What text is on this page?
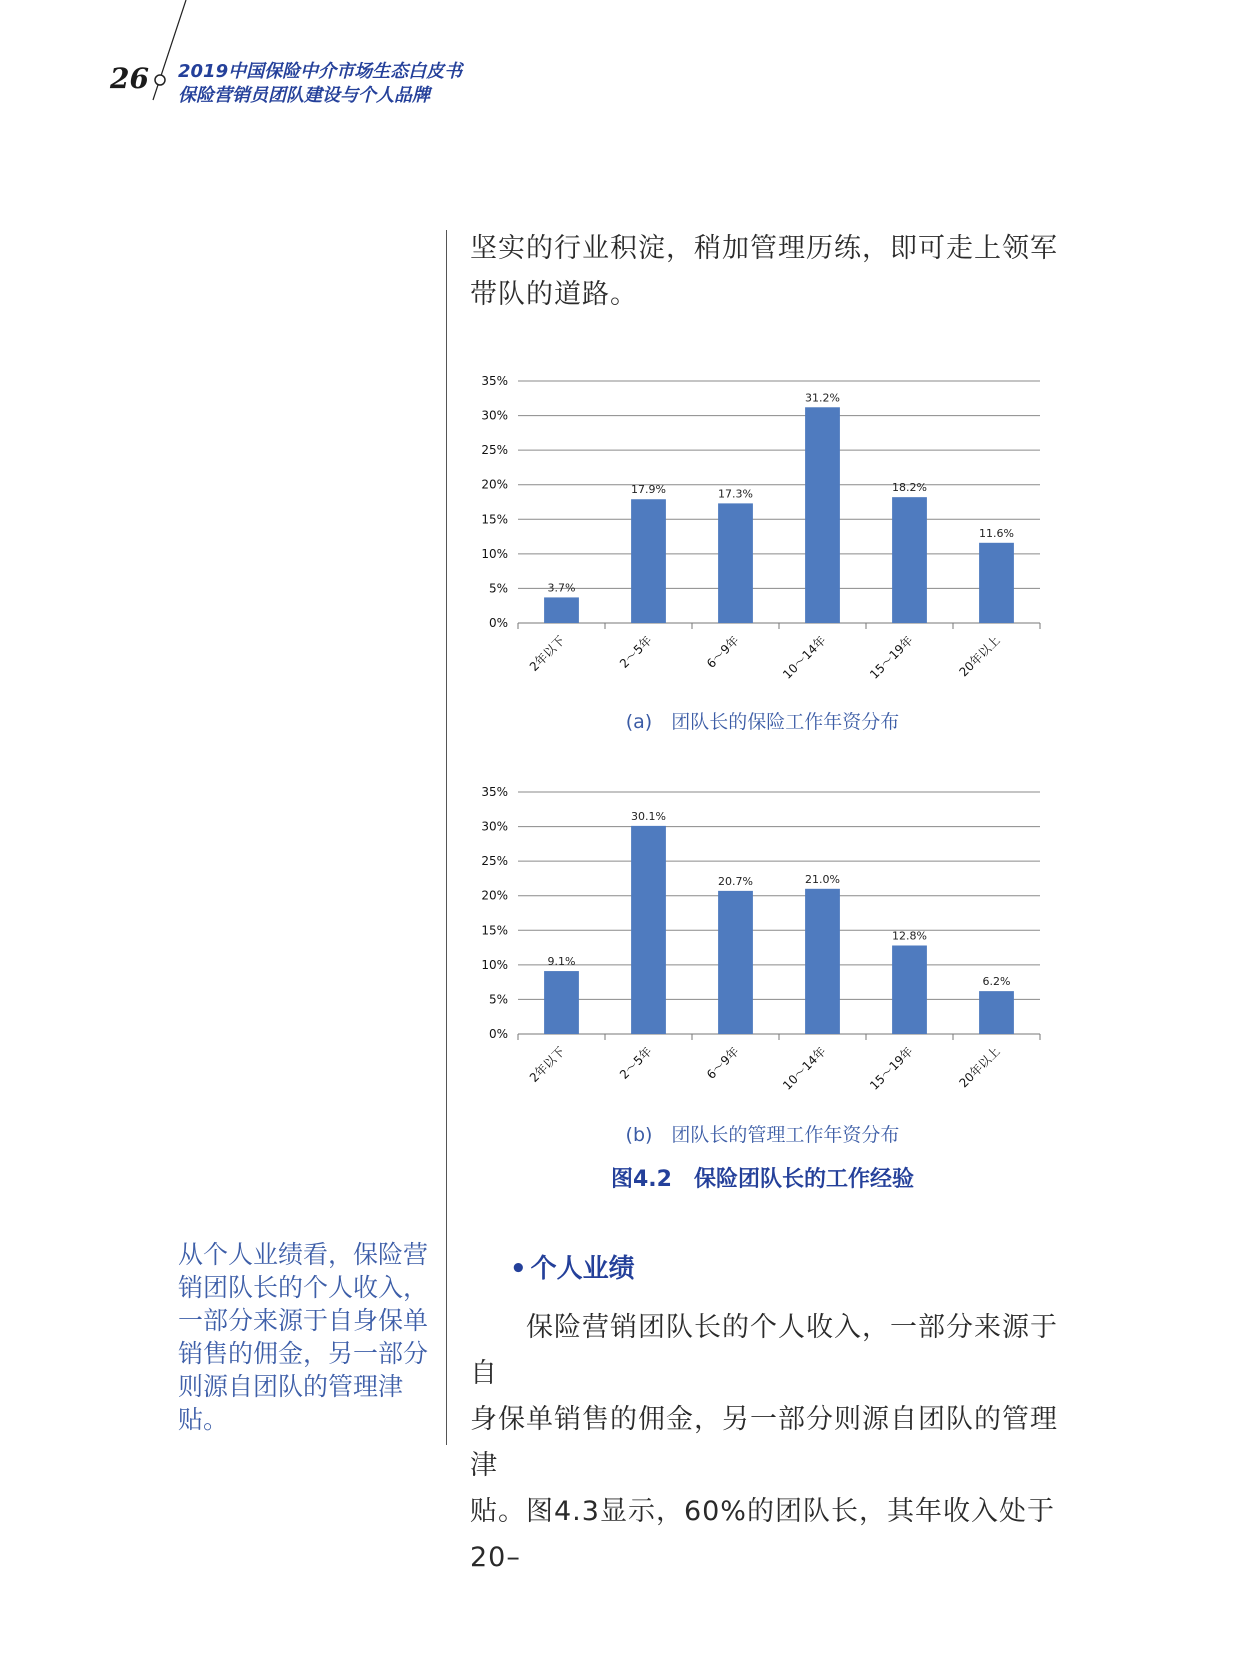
26 2019中国保险中介市场生态白皮书
保险营销员团队建设与个人品牌
坚实的行业积淀，稍加管理历练，即可走上领军
带队的道路。
0%
5%
10%
15%
20%
25%
30%
35%
3.7%
2年以下
17.9%
2～5年
17.3%
6～9年
31.2%
10～14年
18.2%
15～19年
11.6%
20年以上
(a)　团队长的保险工作年资分布
0%
5%
10%
15%
20%
25%
30%
35%
9.1%
2年以下
30.1%
2～5年
20.7%
6～9年
21.0%
10～14年
12.8%
15～19年
6.2%
20年以上
(b)　团队长的管理工作年资分布
图4.2　保险团队长的工作经验
• 个人业绩
从个人业绩看，保险营销团队长的个人收入，一部分来源于自身保单销售的佣金，另一部分则源自团队的管理津贴。
　　保险营销团队长的个人收入，一部分来源于自
身保单销售的佣金，另一部分则源自团队的管理津
贴。图4.3显示，60%的团队长，其年收入处于20–
